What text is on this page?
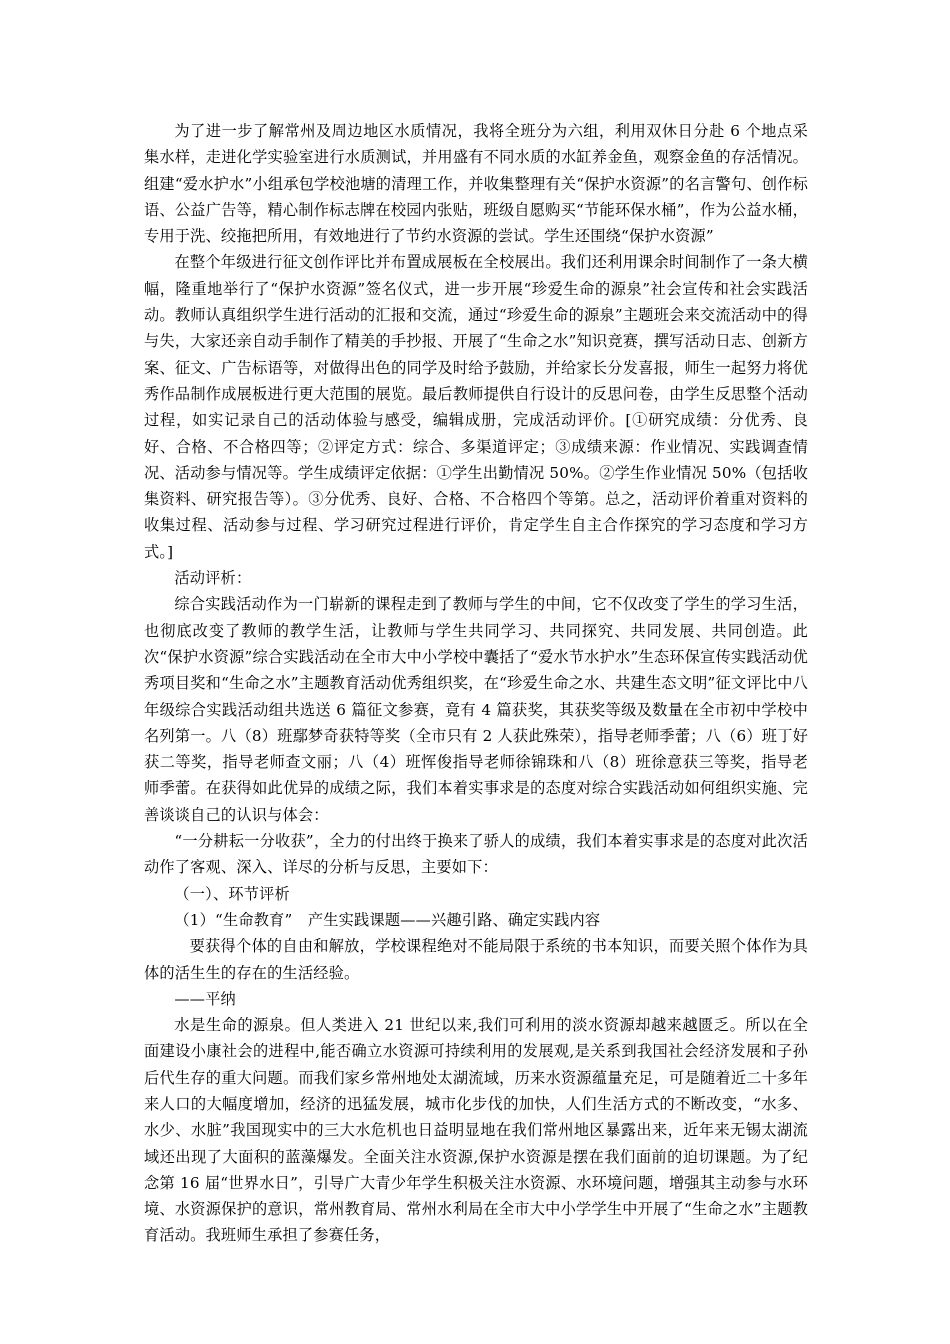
为了进一步了解常州及周边地区水质情况，我将全班分为六组，利用双休日分赴 6 个地点采集水样，走进化学实验室进行水质测试，并用盛有不同水质的水缸养金鱼，观察金鱼的存活情况。组建“爱水护水”小组承包学校池塘的清理工作，并收集整理有关“保护水资源”的名言警句、创作标语、公益广告等，精心制作标志牌在校园内张贴，班级自愿购买“节能环保水桶”，作为公益水桶，专用于洗、绞拖把所用，有效地进行了节约水资源的尝试。学生还围绕“保护水资源”

在整个年级进行征文创作评比并布置成展板在全校展出。我们还利用课余时间制作了一条大横幅，隆重地举行了“保护水资源”签名仪式，进一步开展“珍爱生命的源泉”社会宣传和社会实践活动。教师认真组织学生进行活动的汇报和交流，通过“珍爱生命的源泉”主题班会来交流活动中的得与失，大家还亲自动手制作了精美的手抄报、开展了“生命之水”知识竞赛，撰写活动日志、创新方案、征文、广告标语等，对做得出色的同学及时给予鼓励，并给家长分发喜报，师生一起努力将优秀作品制作成展板进行更大范围的展览。最后教师提供自行设计的反思问卷，由学生反思整个活动过程，如实记录自己的活动体验与感受，编辑成册，完成活动评价。[①研究成绩：分优秀、良好、合格、不合格四等；②评定方式：综合、多渠道评定；③成绩来源：作业情况、实践调查情况、活动参与情况等。学生成绩评定依据：①学生出勤情况 50%。②学生作业情况 50%（包括收集资料、研究报告等）。③分优秀、良好、合格、不合格四个等第。总之，活动评价着重对资料的收集过程、活动参与过程、学习研究过程进行评价，肯定学生自主合作探究的学习态度和学习方式。]

活动评析：

综合实践活动作为一门崭新的课程走到了教师与学生的中间，它不仅改变了学生的学习生活，也彻底改变了教师的教学生活，让教师与学生共同学习、共同探究、共同发展、共同创造。此次“保护水资源”综合实践活动在全市大中小学校中囊括了“爱水节水护水”生态环保宣传实践活动优秀项目奖和“生命之水”主题教育活动优秀组织奖，在“珍爱生命之水、共建生态文明”征文评比中八年级综合实践活动组共选送 6 篇征文参赛，竟有 4 篇获奖，其获奖等级及数量在全市初中学校中名列第一。八（8）班鄢梦奇获特等奖（全市只有 2 人获此殊荣），指导老师季蕾；八（6）班丁好获二等奖，指导老师查文丽；八（4）班恽俊指导老师徐锦珠和八（8）班徐意获三等奖，指导老师季蕾。在获得如此优异的成绩之际，我们本着实事求是的态度对综合实践活动如何组织实施、完善谈谈自己的认识与体会：

“一分耕耘一分收获”，全力的付出终于换来了骄人的成绩，我们本着实事求是的态度对此次活动作了客观、深入、详尽的分析与反思，主要如下：

（一）、环节评析

（1）“生命教育”　产生实践课题——兴趣引路、确定实践内容

要获得个体的自由和解放，学校课程绝对不能局限于系统的书本知识，而要关照个体作为具体的活生生的存在的生活经验。

——平纳

水是生命的源泉。但人类进入 21 世纪以来,我们可利用的淡水资源却越来越匮乏。所以在全面建设小康社会的进程中,能否确立水资源可持续利用的发展观,是关系到我国社会经济发展和子孙后代生存的重大问题。而我们家乡常州地处太湖流域，历来水资源蕴量充足，可是随着近二十多年来人口的大幅度增加，经济的迅猛发展，城市化步伐的加快，人们生活方式的不断改变，“水多、水少、水脏”我国现实中的三大水危机也日益明显地在我们常州地区暴露出来，近年来无锡太湖流域还出现了大面积的蓝藻爆发。全面关注水资源,保护水资源是摆在我们面前的迫切课题。为了纪念第 16 届“世界水日”，引导广大青少年学生积极关注水资源、水环境问题，增强其主动参与水环境、水资源保护的意识，常州教育局、常州水利局在全市大中小学学生中开展了“生命之水”主题教育活动。我班师生承担了参赛任务，
